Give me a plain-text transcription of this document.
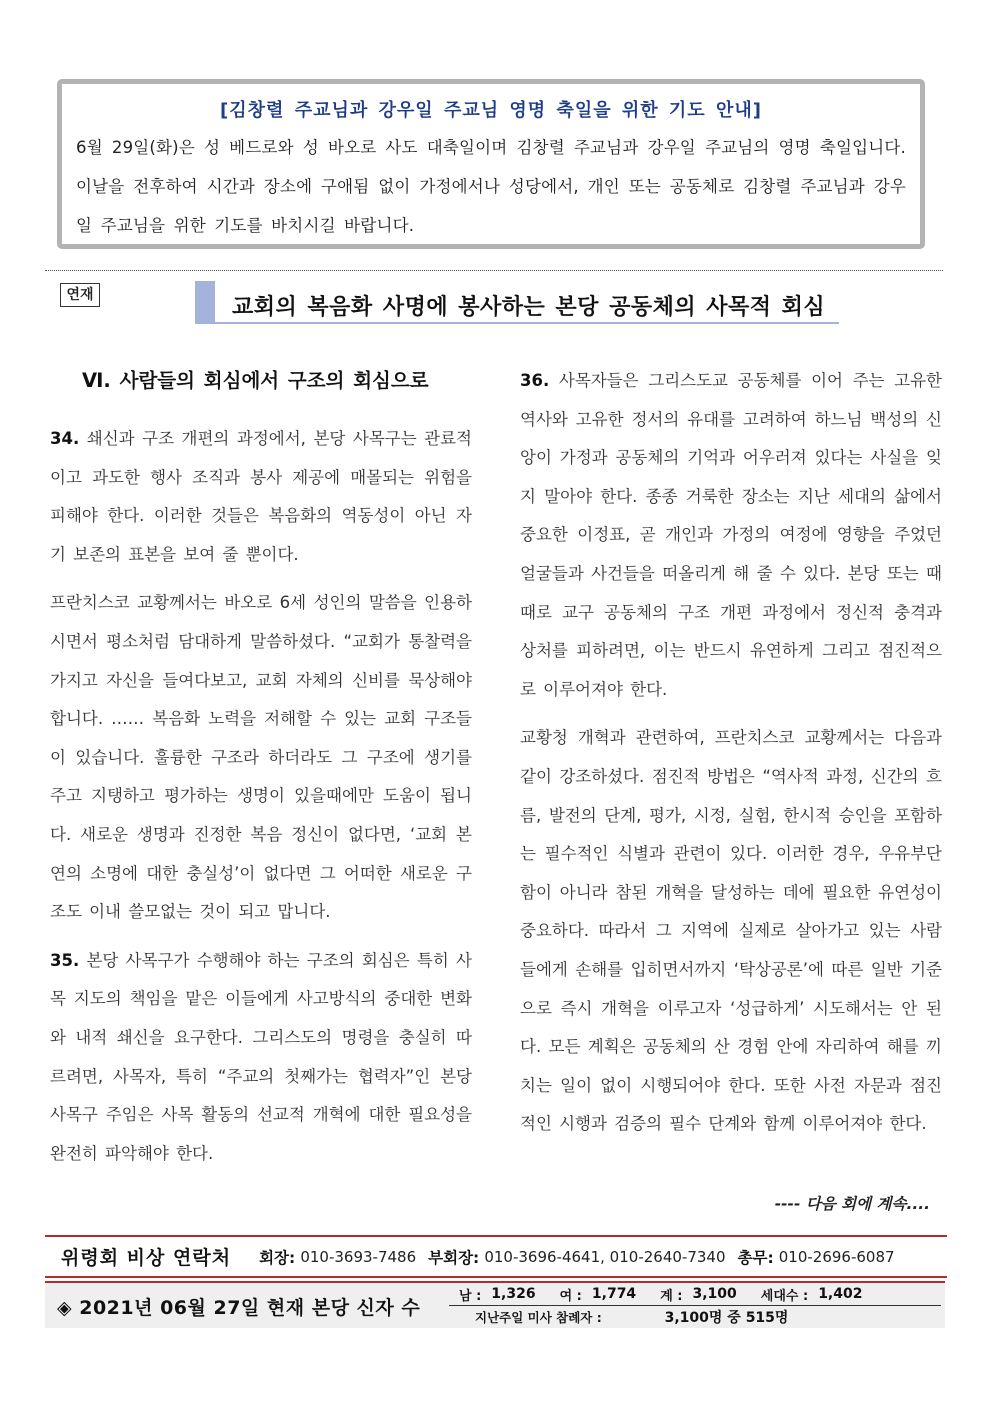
[김창렬 주교님과 강우일 주교님 영명 축일을 위한 기도 안내]
6월 29일(화)은 성 베드로와 성 바오로 사도 대축일이며 김창렬 주교님과 강우일 주교님의 영명 축일입니다. 이날을 전후하여 시간과 장소에 구애됨 없이 가정에서나 성당에서, 개인 또는 공동체로 김창렬 주교님과 강우일 주교님을 위한 기도를 바치시길 바랍니다.
연재	교회의 복음화 사명에 봉사하는 본당 공동체의 사목적 회심

Ⅵ. 사람들의 회심에서 구조의 회심으로

34. 쇄신과 구조 개편의 과정에서, 본당 사목구는 관료적이고 과도한 행사 조직과 봉사 제공에 매몰되는 위험을 피해야 한다. 이러한 것들은 복음화의 역동성이 아닌 자기 보존의 표본을 보여 줄 뿐이다.

프란치스코 교황께서는 바오로 6세 성인의 말씀을 인용하시면서 평소처럼 담대하게 말씀하셨다. “교회가 통찰력을 가지고 자신을 들여다보고, 교회 자체의 신비를 묵상해야 합니다. …… 복음화 노력을 저해할 수 있는 교회 구조들이 있습니다. 훌륭한 구조라 하더라도 그 구조에 생기를 주고 지탱하고 평가하는 생명이 있을때에만 도움이 됩니다. 새로운 생명과 진정한 복음 정신이 없다면, ‘교회 본연의 소명에 대한 충실성’이 없다면 그 어떠한 새로운 구조도 이내 쓸모없는 것이 되고 맙니다.

35. 본당 사목구가 수행해야 하는 구조의 회심은 특히 사목 지도의 책임을 맡은 이들에게 사고방식의 중대한 변화와 내적 쇄신을 요구한다. 그리스도의 명령을 충실히 따르려면, 사목자, 특히 “주교의 첫째가는 협력자”인 본당 사목구 주임은 사목 활동의 선교적 개혁에 대한 필요성을 완전히 파악해야 한다.

36. 사목자들은 그리스도교 공동체를 이어 주는 고유한 역사와 고유한 정서의 유대를 고려하여 하느님 백성의 신앙이 가정과 공동체의 기억과 어우러져 있다는 사실을 잊지 말아야 한다. 종종 거룩한 장소는 지난 세대의 삶에서 중요한 이정표, 곧 개인과 가정의 여정에 영향을 주었던 얼굴들과 사건들을 떠올리게 해 줄 수 있다. 본당 또는 때때로 교구 공동체의 구조 개편 과정에서 정신적 충격과 상처를 피하려면, 이는 반드시 유연하게 그리고 점진적으로 이루어져야 한다.

교황청 개혁과 관련하여, 프란치스코 교황께서는 다음과 같이 강조하셨다. 점진적 방법은 “역사적 과정, 신간의 흐름, 발전의 단계, 평가, 시정, 실험, 한시적 승인을 포함하는 필수적인 식별과 관련이 있다. 이러한 경우, 우유부단함이 아니라 참된 개혁을 달성하는 데에 필요한 유연성이 중요하다. 따라서 그 지역에 실제로 살아가고 있는 사람들에게 손해를 입히면서까지 ‘탁상공론’에 따른 일반 기준으로 즉시 개혁을 이루고자 ‘성급하게’ 시도해서는 안 된다. 모든 계획은 공동체의 산 경험 안에 자리하여 해를 끼치는 일이 없이 시행되어야 한다. 또한 사전 자문과 점진적인 시행과 검증의 필수 단계와 함께 이루어져야 한다.

---- 다음 회에 계속....
위령회 비상 연락처 회장:
010-3693-7486 부회장:
010-3696-4641, 010-2640-7340 총무:
010-2696-6087
◈ 2021년 06월 27일 현재 본당 신자 수
남 : 1,326 여 : 1,774 계 : 3,100 세대수 : 1,402
지난주일 미사 참례자 :	3,100명 중 515명
